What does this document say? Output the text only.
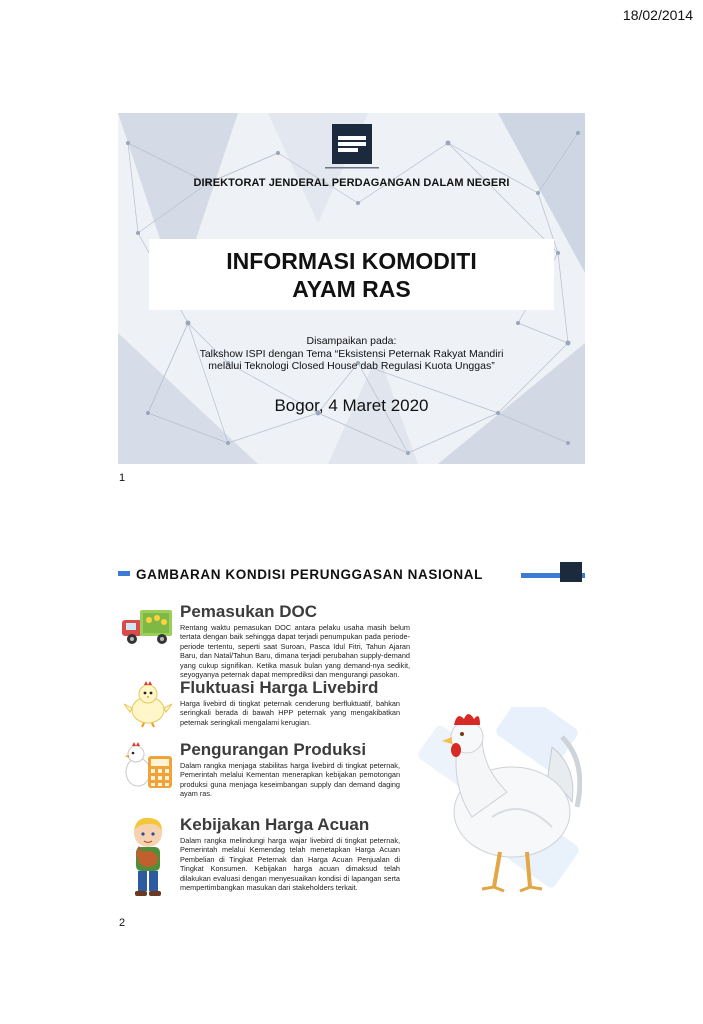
18/02/2014
DIREKTORAT JENDERAL PERDAGANGAN DALAM NEGERI
INFORMASI KOMODITI
AYAM RAS
Disampaikan pada:
Talkshow ISPI dengan Tema “Eksistensi Peternak Rakyat Mandiri
melalui Teknologi Closed House dab Regulasi Kuota Unggas”
Bogor, 4 Maret 2020
1
GAMBARAN KONDISI PERUNGGASAN NASIONAL
Pemasukan DOC
Rentang waktu pemasukan DOC antara pelaku usaha masih belum tertata dengan baik sehingga dapat terjadi penumpukan pada periode-periode tertentu, seperti saat Suroan, Pasca Idul Fitri, Tahun Ajaran Baru, dan Natal/Tahun Baru, dimana terjadi perubahan supply-demand yang cukup signifikan. Ketika masuk bulan yang demand-nya sedikit, seyogyanya peternak dapat memprediksi dan mengurangi pasokan.
Fluktuasi Harga Livebird
Harga livebird di tingkat peternak cenderung berfluktuatif, bahkan seringkali berada di bawah HPP peternak yang mengakibatkan peternak seringkali mengalami kerugian.
Pengurangan Produksi
Dalam rangka menjaga stabilitas harga livebird di tingkat peternak, Pemerintah melalui Kementan menerapkan kebijakan pemotongan produksi guna menjaga keseimbangan supply dan demand daging ayam ras.
Kebijakan Harga Acuan
Dalam rangka melindungi harga wajar livebird di tingkat peternak, Pemerintah melalui Kemendag telah menetapkan Harga Acuan Pembelian di Tingkat Peternak dan Harga Acuan Penjualan di Tingkat Konsumen. Kebijakan harga acuan dimaksud telah dilakukan evaluasi dengan menyesuaikan kondisi di lapangan serta mempertimbangkan masukan dari stakeholders terkait.
2
